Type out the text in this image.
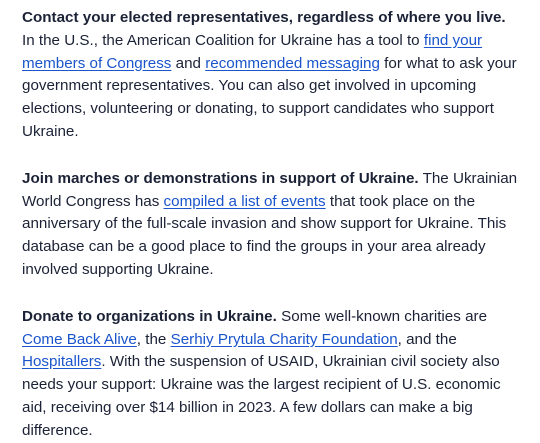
Contact your elected representatives, regardless of where you live. In the U.S., the American Coalition for Ukraine has a tool to find your members of Congress and recommended messaging for what to ask your government representatives. You can also get involved in upcoming elections, volunteering or donating, to support candidates who support Ukraine.

Join marches or demonstrations in support of Ukraine. The Ukrainian World Congress has compiled a list of events that took place on the anniversary of the full-scale invasion and show support for Ukraine. This database can be a good place to find the groups in your area already involved supporting Ukraine.

Donate to organizations in Ukraine. Some well-known charities are Come Back Alive, the Serhiy Prytula Charity Foundation, and the Hospitallers. With the suspension of USAID, Ukrainian civil society also needs your support: Ukraine was the largest recipient of U.S. economic aid, receiving over $14 billion in 2023. A few dollars can make a big difference.
